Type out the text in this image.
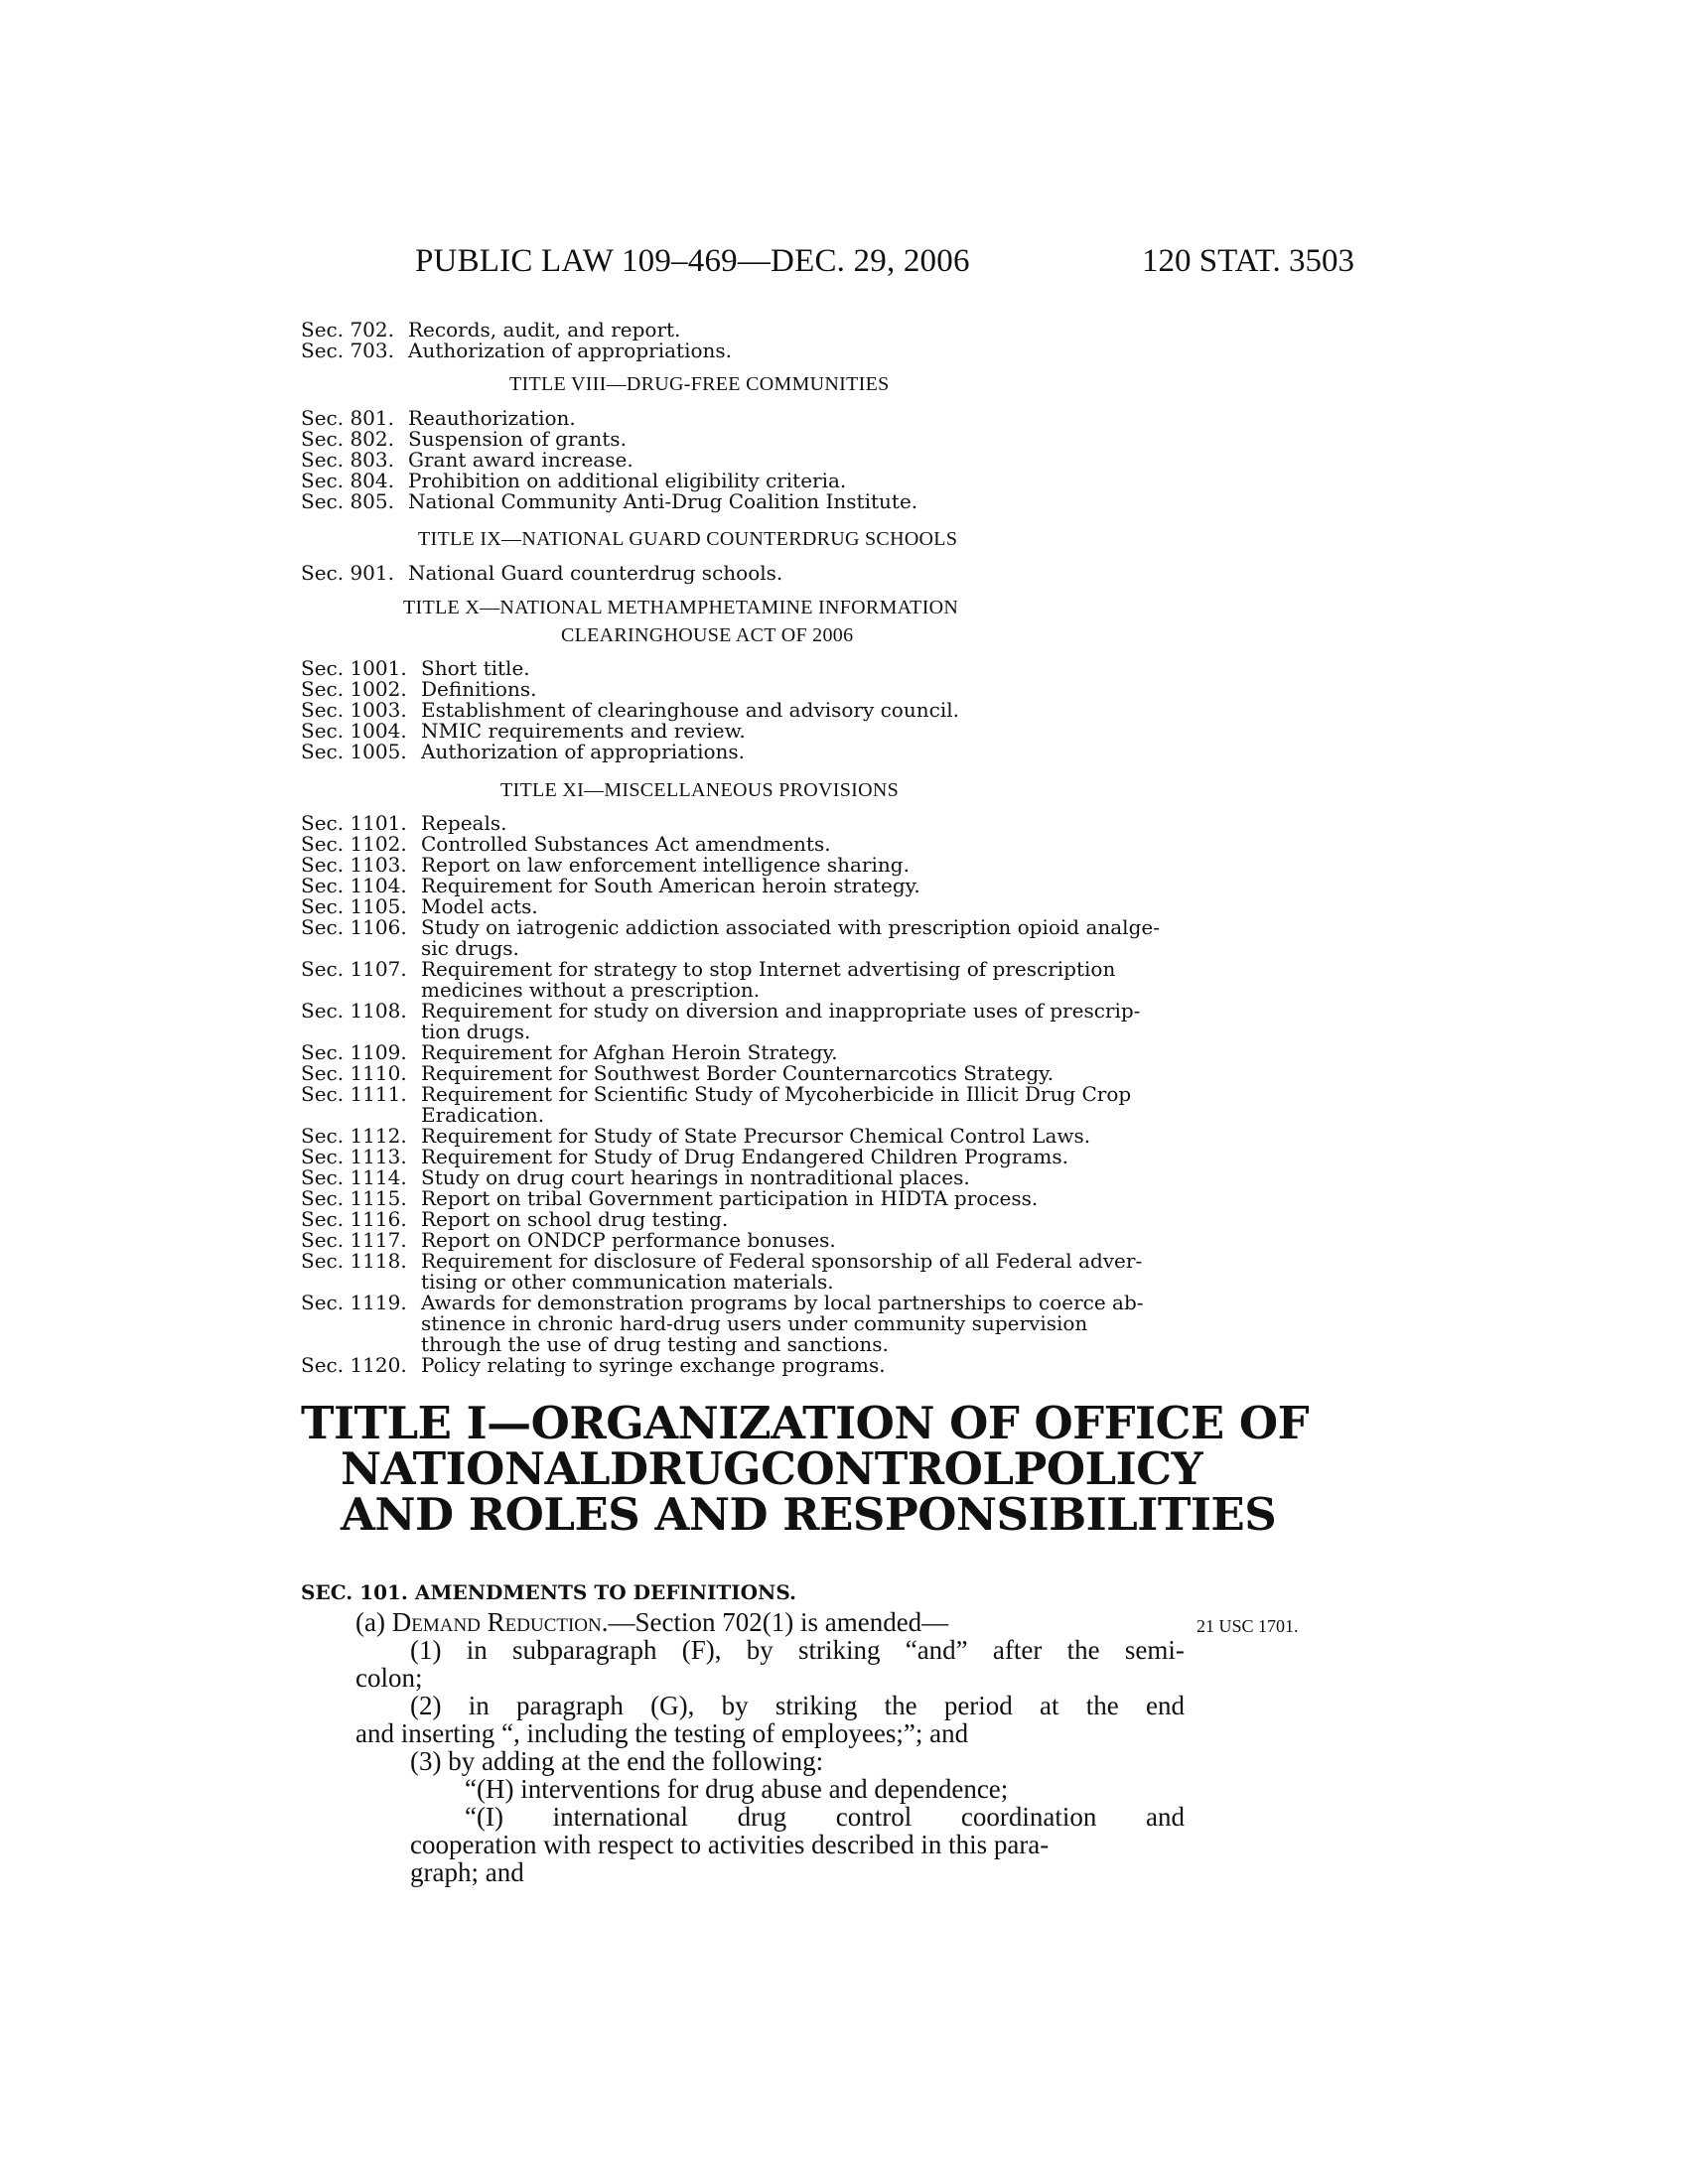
PUBLIC LAW 109–469—DEC. 29, 2006	120 STAT. 3503
Sec. 702. Records, audit, and report.
Sec. 703. Authorization of appropriations.
TITLE VIII—DRUG-FREE COMMUNITIES
Sec. 801. Reauthorization.
Sec. 802. Suspension of grants.
Sec. 803. Grant award increase.
Sec. 804. Prohibition on additional eligibility criteria.
Sec. 805. National Community Anti-Drug Coalition Institute.
TITLE IX—NATIONAL GUARD COUNTERDRUG SCHOOLS
Sec. 901. National Guard counterdrug schools.
TITLE X—NATIONAL METHAMPHETAMINE INFORMATION
CLEARINGHOUSE ACT OF 2006
Sec. 1001. Short title.
Sec. 1002. Definitions.
Sec. 1003. Establishment of clearinghouse and advisory council.
Sec. 1004. NMIC requirements and review.
Sec. 1005. Authorization of appropriations.
TITLE XI—MISCELLANEOUS PROVISIONS
Sec. 1101. Repeals.
Sec. 1102. Controlled Substances Act amendments.
Sec. 1103. Report on law enforcement intelligence sharing.
Sec. 1104. Requirement for South American heroin strategy.
Sec. 1105. Model acts.
Sec. 1106. Study on iatrogenic addiction associated with prescription opioid analge-
sic drugs.
Sec. 1107. Requirement for strategy to stop Internet advertising of prescription
medicines without a prescription.
Sec. 1108. Requirement for study on diversion and inappropriate uses of prescrip-
tion drugs.
Sec. 1109. Requirement for Afghan Heroin Strategy.
Sec. 1110. Requirement for Southwest Border Counternarcotics Strategy.
Sec. 1111. Requirement for Scientific Study of Mycoherbicide in Illicit Drug Crop
Eradication.
Sec. 1112. Requirement for Study of State Precursor Chemical Control Laws.
Sec. 1113. Requirement for Study of Drug Endangered Children Programs.
Sec. 1114. Study on drug court hearings in nontraditional places.
Sec. 1115. Report on tribal Government participation in HIDTA process.
Sec. 1116. Report on school drug testing.
Sec. 1117. Report on ONDCP performance bonuses.
Sec. 1118. Requirement for disclosure of Federal sponsorship of all Federal adver-
tising or other communication materials.
Sec. 1119. Awards for demonstration programs by local partnerships to coerce ab-
stinence in chronic hard-drug users under community supervision
through the use of drug testing and sanctions.
Sec. 1120. Policy relating to syringe exchange programs.
TITLE I—ORGANIZATION OF OFFICE OF
NATIONAL DRUG CONTROL POLICY
AND ROLES AND RESPONSIBILITIES
SEC. 101. AMENDMENTS TO DEFINITIONS.
(a) Demand Reduction.—Section 702(1) is amended—	21 USC 1701.
(1) in subparagraph (F), by striking “and” after the semi-
colon;
(2) in paragraph (G), by striking the period at the end
and inserting “, including the testing of employees;”; and
(3) by adding at the end the following:
“(H) interventions for drug abuse and dependence;
“(I) international drug control coordination and
cooperation with respect to activities described in this para-
graph; and
